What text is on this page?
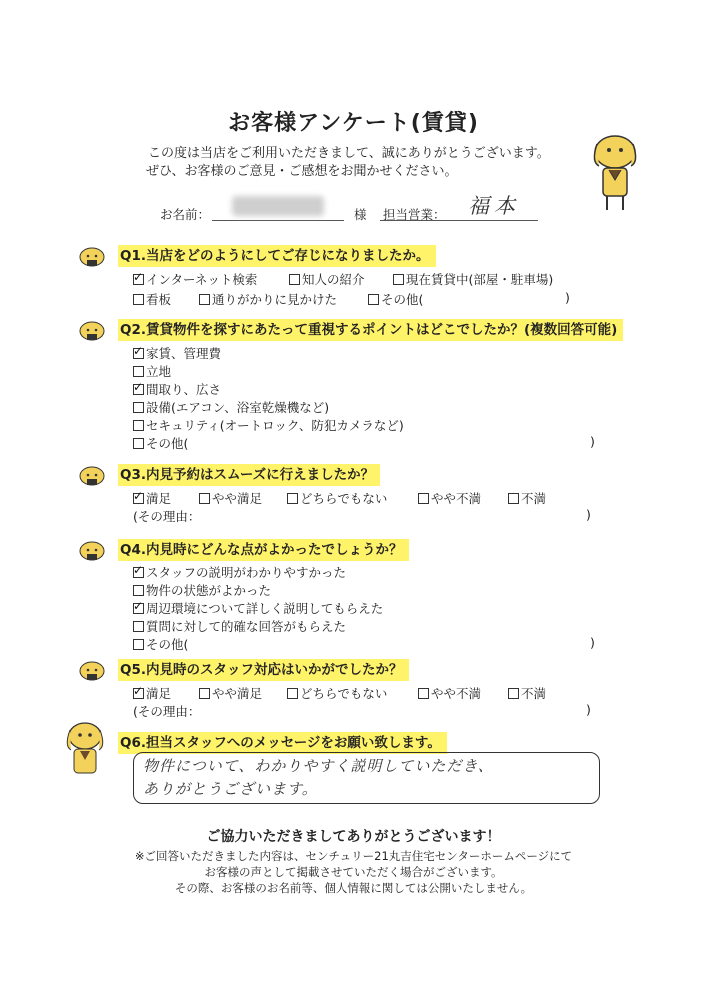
お客様アンケート(賃貸)
この度は当店をご利用いただきまして、誠にありがとうございます。
ぜひ、お客様のご意見・ご感想をお聞かせください。
お名前：	様 担当営業： 福本
Q1.当店をどのようにしてご存じになりましたか。
✓インターネット検索	知人の紹介	現在賃貸中(部屋・駐車場)
看板	通りがかりに見かけた	その他(	)
Q2.賃貸物件を探すにあたって重視するポイントはどこでしたか？(複数回答可能)
✓家賃、管理費
立地
✓間取り、広さ
設備(エアコン、浴室乾燥機など)
セキュリティ(オートロック、防犯カメラなど)
その他(	)
Q3.内見予約はスムーズに行えましたか？
✓満足	やや満足	どちらでもない	やや不満	不満
(その理由：	)
Q4.内見時にどんな点がよかったでしょうか？
✓スタッフの説明がわかりやすかった
物件の状態がよかった
✓周辺環境について詳しく説明してもらえた
質問に対して的確な回答がもらえた
その他(	)
Q5.内見時のスタッフ対応はいかがでしたか？
✓満足	やや満足	どちらでもない	やや不満	不満
(その理由：	)
Q6.担当スタッフへのメッセージをお願い致します。
物件について、わかりやすく説明していただき、
ありがとうございます。
ご協力いただきましてありがとうございます！
※ご回答いただきました内容は、センチュリー21丸吉住宅センターホームページにて
お客様の声として掲載させていただく場合がございます。
その際、お客様のお名前等、個人情報に関しては公開いたしません。
